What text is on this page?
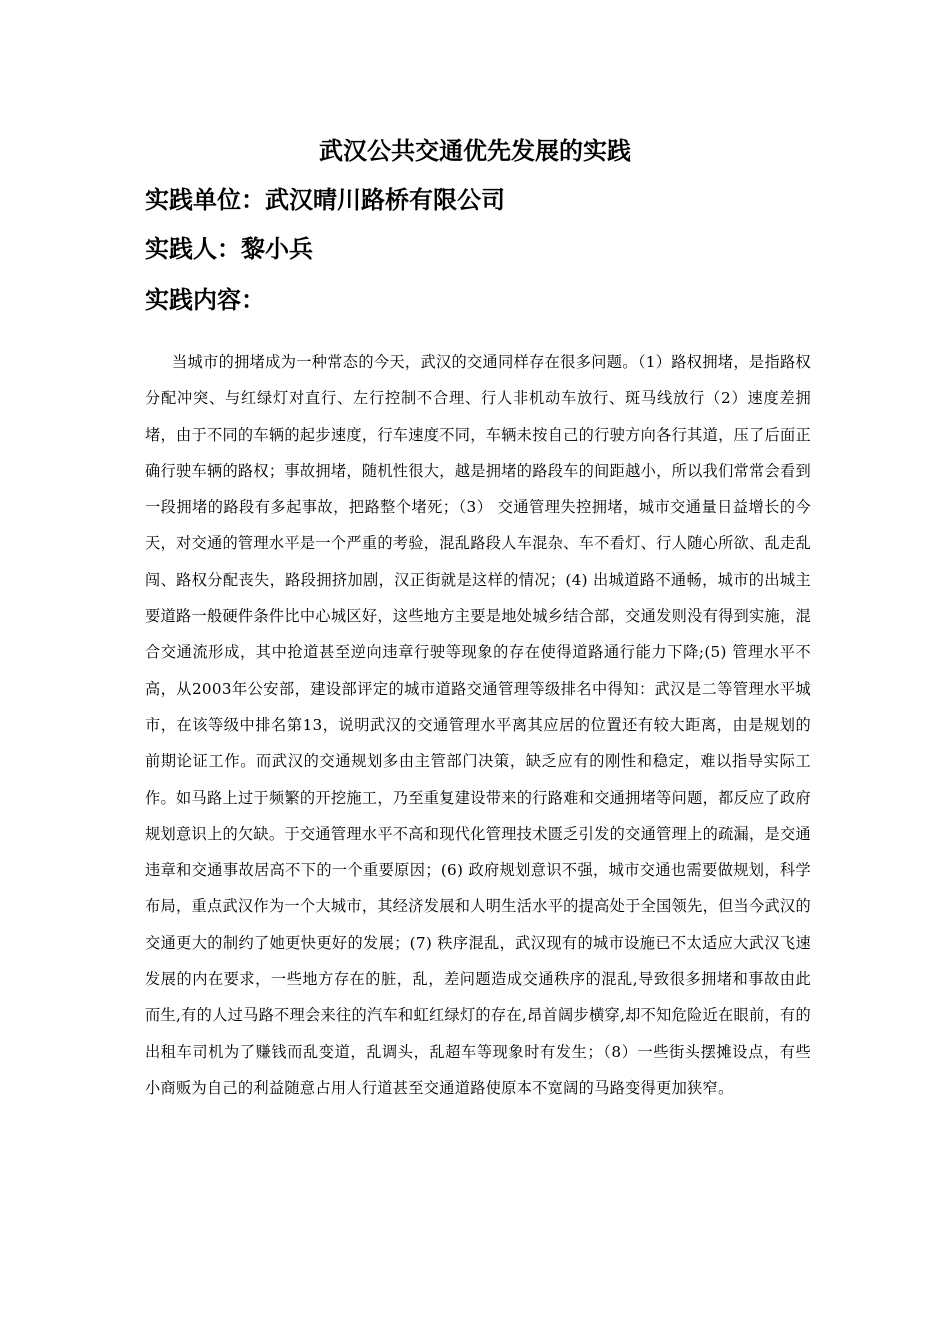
武汉公共交通优先发展的实践

实践单位：武汉晴川路桥有限公司

实践人：黎小兵

实践内容：

当城市的拥堵成为一种常态的今天，武汉的交通同样存在很多问题。（1）路权拥堵，是指路权分配冲突、与红绿灯对直行、左行控制不合理、行人非机动车放行、斑马线放行（2）速度差拥堵，由于不同的车辆的起步速度，行车速度不同，车辆未按自己的行驶方向各行其道，压了后面正确行驶车辆的路权；事故拥堵，随机性很大，越是拥堵的路段车的间距越小，所以我们常常会看到一段拥堵的路段有多起事故，把路整个堵死；（3） 交通管理失控拥堵，城市交通量日益增长的今天，对交通的管理水平是一个严重的考验，混乱路段人车混杂、车不看灯、行人随心所欲、乱走乱闯、路权分配丧失，路段拥挤加剧，汉正街就是这样的情况；(4) 出城道路不通畅，城市的出城主要道路一般硬件条件比中心城区好，这些地方主要是地处城乡结合部，交通发则没有得到实施，混合交通流形成，其中抢道甚至逆向违章行驶等现象的存在使得道路通行能力下降;(5) 管理水平不高，从2003年公安部，建设部评定的城市道路交通管理等级排名中得知：武汉是二等管理水平城市，在该等级中排名第13，说明武汉的交通管理水平离其应居的位置还有较大距离，由是规划的前期论证工作。而武汉的交通规划多由主管部门决策，缺乏应有的刚性和稳定，难以指导实际工作。如马路上过于频繁的开挖施工，乃至重复建设带来的行路难和交通拥堵等问题，都反应了政府规划意识上的欠缺。于交通管理水平不高和现代化管理技术匮乏引发的交通管理上的疏漏，是交通违章和交通事故居高不下的一个重要原因；(6) 政府规划意识不强，城市交通也需要做规划，科学布局，重点武汉作为一个大城市，其经济发展和人明生活水平的提高处于全国领先，但当今武汉的交通更大的制约了她更快更好的发展；(7) 秩序混乱，武汉现有的城市设施已不太适应大武汉飞速发展的内在要求，一些地方存在的脏，乱，差问题造成交通秩序的混乱,导致很多拥堵和事故由此而生,有的人过马路不理会来往的汽车和虹红绿灯的存在,昂首阔步横穿,却不知危险近在眼前，有的出租车司机为了赚钱而乱变道，乱调头，乱超车等现象时有发生；（8）一些街头摆摊设点，有些小商贩为自己的利益随意占用人行道甚至交通道路使原本不宽阔的马路变得更加狭窄。
